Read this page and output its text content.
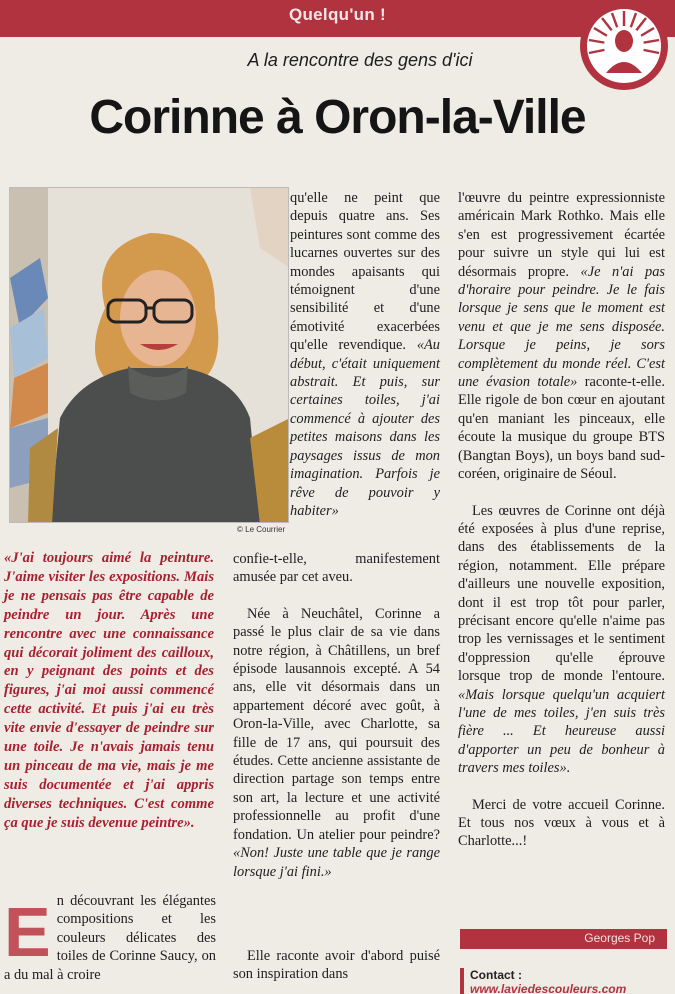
Quelqu'un !
A la rencontre des gens d'ici
Corinne à Oron-la-Ville
© Le Courrier

qu'elle ne peint que depuis quatre ans. Ses peintures sont comme des lucarnes ouvertes sur des mondes apaisants qui témoignent d'une sensibilité et d'une émotivité exacerbées qu'elle revendique. «Au début, c'était uniquement abstrait. Et puis, sur certaines toiles, j'ai commencé à ajouter des petites maisons dans les paysages issus de mon imagination. Parfois je rêve de pouvoir y habiter»

l'œuvre du peintre expressionniste américain Mark Rothko. Mais elle s'en est progressivement écartée pour suivre un style qui lui est désormais propre. «Je n'ai pas d'horaire pour peindre. Je le fais lorsque je sens que le moment est venu et que je me sens disposée. Lorsque je peins, je sors complètement du monde réel. C'est une évasion totale» raconte-t-elle. Elle rigole de bon cœur en ajoutant qu'en maniant les pinceaux, elle écoute la musique du groupe BTS (Bangtan Boys), un boys band sud-coréen, originaire de Séoul.

Les œuvres de Corinne ont déjà été exposées à plus d'une reprise, dans des établissements de la région, notamment. Elle prépare d'ailleurs une nouvelle exposition, dont il est trop tôt pour parler, précisant encore qu'elle n'aime pas trop les vernissages et le sentiment d'oppression qu'elle éprouve lorsque trop de monde l'entoure. «Mais lorsque quelqu'un acquiert l'une de mes toiles, j'en suis très fière ... Et heureuse aussi d'apporter un peu de bonheur à travers mes toiles».

Merci de votre accueil Corinne. Et tous nos vœux à vous et à Charlotte...!

«J'ai toujours aimé la peinture. J'aime visiter les expositions. Mais je ne pensais pas être capable de peindre un jour. Après une rencontre avec une connaissance qui décorait joliment des cailloux, en y peignant des points et des figures, j'ai moi aussi commencé cette activité. Et puis j'ai eu très vite envie d'essayer de peindre sur une toile. Je n'avais jamais tenu un pinceau de ma vie, mais je me suis documentée et j'ai appris diverses techniques. C'est comme ça que je suis devenue peintre».
E n découvrant les élégantes compositions et les couleurs délicates des toiles de Corinne Saucy, on a du mal à croire

confie-t-elle, manifestement amusée par cet aveu.

Née à Neuchâtel, Corinne a passé le plus clair de sa vie dans notre région, à Châtillens, un bref épisode lausannois excepté. A 54 ans, elle vit désormais dans un appartement décoré avec goût, à Oron-la-Ville, avec Charlotte, sa fille de 17 ans, qui poursuit des études. Cette ancienne assistante de direction partage son temps entre son art, la lecture et une activité professionnelle au profit d'une fondation. Un atelier pour peindre? «Non! Juste une table que je range lorsque j'ai fini.»

Elle raconte avoir d'abord puisé son inspiration dans

Georges Pop
Contact : www.laviedescouleurs.com
